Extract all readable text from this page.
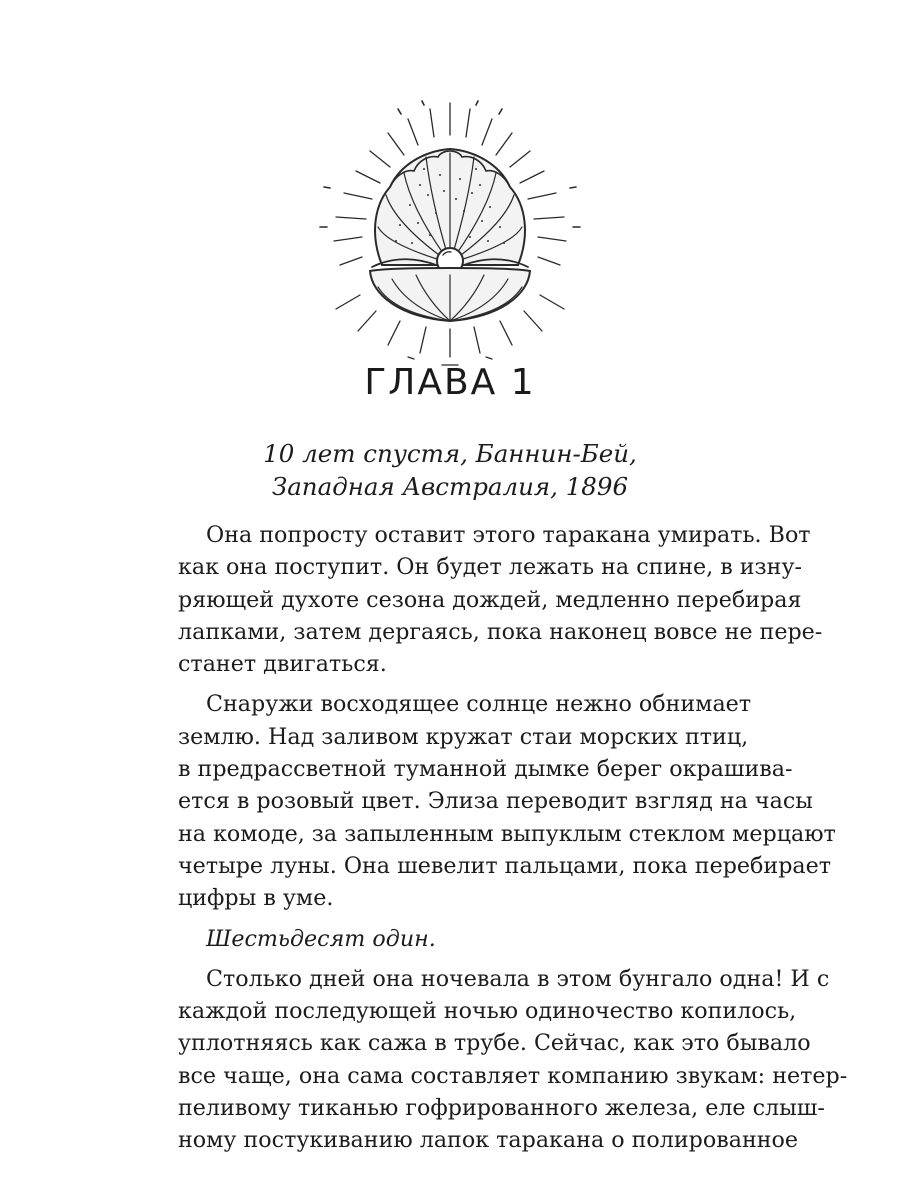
ГЛАВА 1
10 лет спустя, Баннин-Бей,
Западная Австралия, 1896
Она попросту оставит этого таракана умирать. Вот
как она поступит. Он будет лежать на спине, в изну-
ряющей духоте сезона дождей, медленно перебирая
лапками, затем дергаясь, пока наконец вовсе не пере-
станет двигаться.
Снаружи восходящее солнце нежно обнимает
землю. Над заливом кружат стаи морских птиц,
в предрассветной туманной дымке берег окрашива-
ется в розовый цвет. Элиза переводит взгляд на часы
на комоде, за запыленным выпуклым стеклом мерцают
четыре луны. Она шевелит пальцами, пока перебирает
цифры в уме.
Шестьдесят один.
Столько дней она ночевала в этом бунгало одна! И с
каждой последующей ночью одиночество копилось,
уплотняясь как сажа в трубе. Сейчас, как это бывало
все чаще, она сама составляет компанию звукам: нетер-
пеливому тиканью гофрированного железа, еле слыш-
ному постукиванию лапок таракана о полированное
